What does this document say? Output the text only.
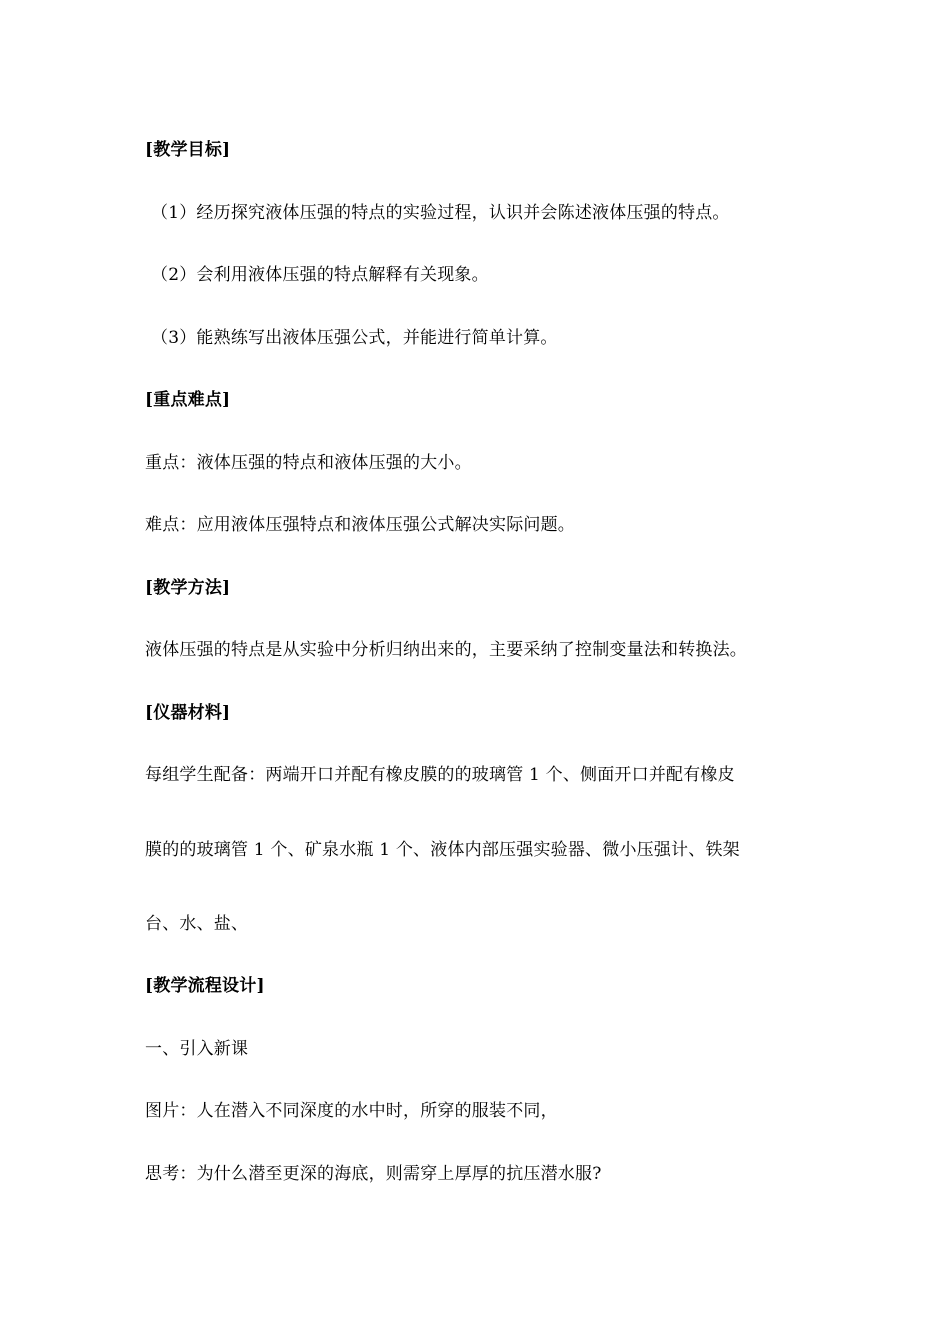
[教学目标]
（1）经历探究液体压强的特点的实验过程，认识并会陈述液体压强的特点。
（2）会利用液体压强的特点解释有关现象。
（3）能熟练写出液体压强公式，并能进行简单计算。
[重点难点]
重点：液体压强的特点和液体压强的大小。
难点：应用液体压强特点和液体压强公式解决实际问题。
[教学方法]
液体压强的特点是从实验中分析归纳出来的，主要采纳了控制变量法和转换法。
[仪器材料]
每组学生配备：两端开口并配有橡皮膜的的玻璃管 1 个、侧面开口并配有橡皮
膜的的玻璃管 1 个、矿泉水瓶 1 个、液体内部压强实验器、微小压强计、铁架
台、水、盐、
[教学流程设计]
一、引入新课
图片：人在潜入不同深度的水中时，所穿的服装不同，
思考：为什么潜至更深的海底，则需穿上厚厚的抗压潜水服?
